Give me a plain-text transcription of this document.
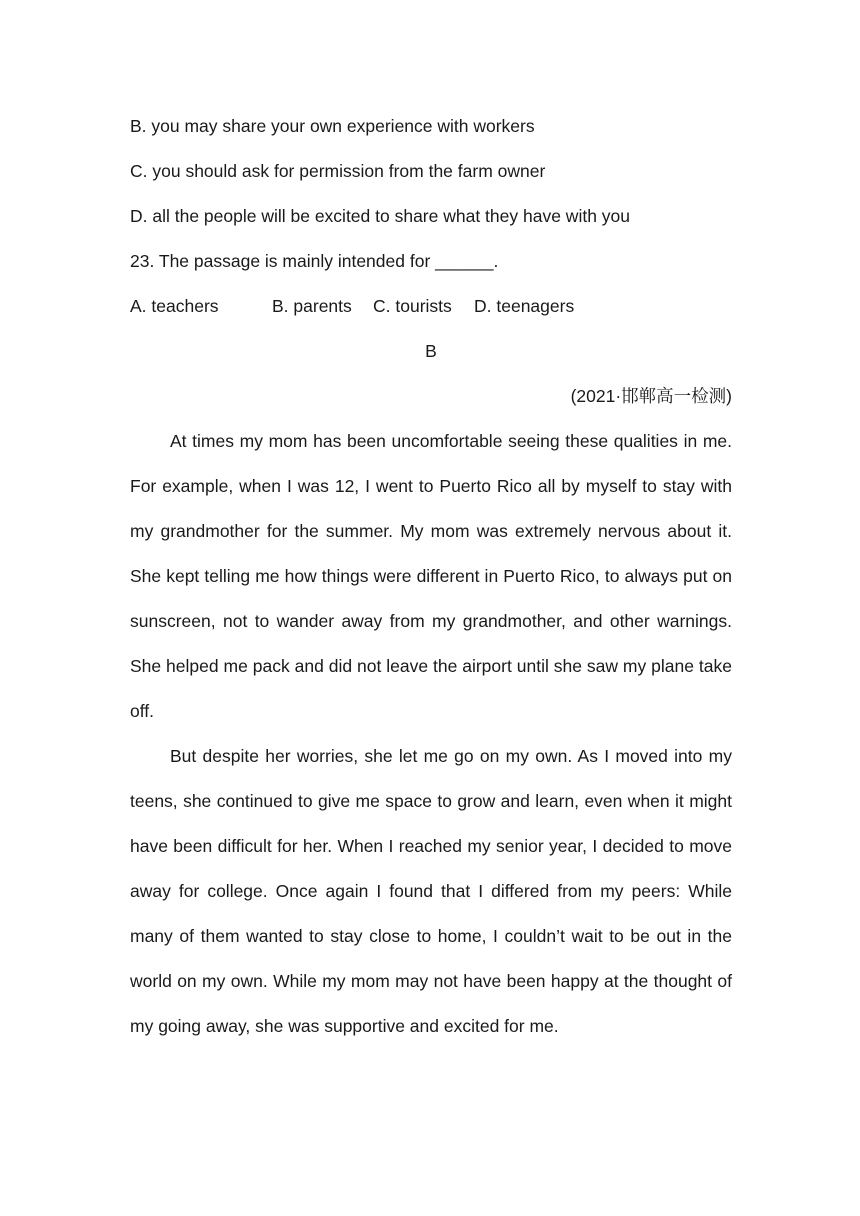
B. you may share your own experience with workers

C. you should ask for permission from the farm owner

D. all the people will be excited to share what they have with you

23. The passage is mainly intended for ______.

A. teachers	B. parents	C. tourists	D. teenagers

B

(2021·邯郸高一检测)

At times my mom has been uncomfortable seeing these qualities in me. For example, when I was 12, I went to Puerto Rico all by myself to stay with my grandmother for the summer. My mom was extremely nervous about it. She kept telling me how things were different in Puerto Rico, to always put on sunscreen, not to wander away from my grandmother, and other warnings. She helped me pack and did not leave the airport until she saw my plane take off.

But despite her worries, she let me go on my own. As I moved into my teens, she continued to give me space to grow and learn, even when it might have been difficult for her. When I reached my senior year, I decided to move away for college. Once again I found that I differed from my peers: While many of them wanted to stay close to home, I couldn’t wait to be out in the world on my own. While my mom may not have been happy at the thought of my going away, she was supportive and excited for me.
